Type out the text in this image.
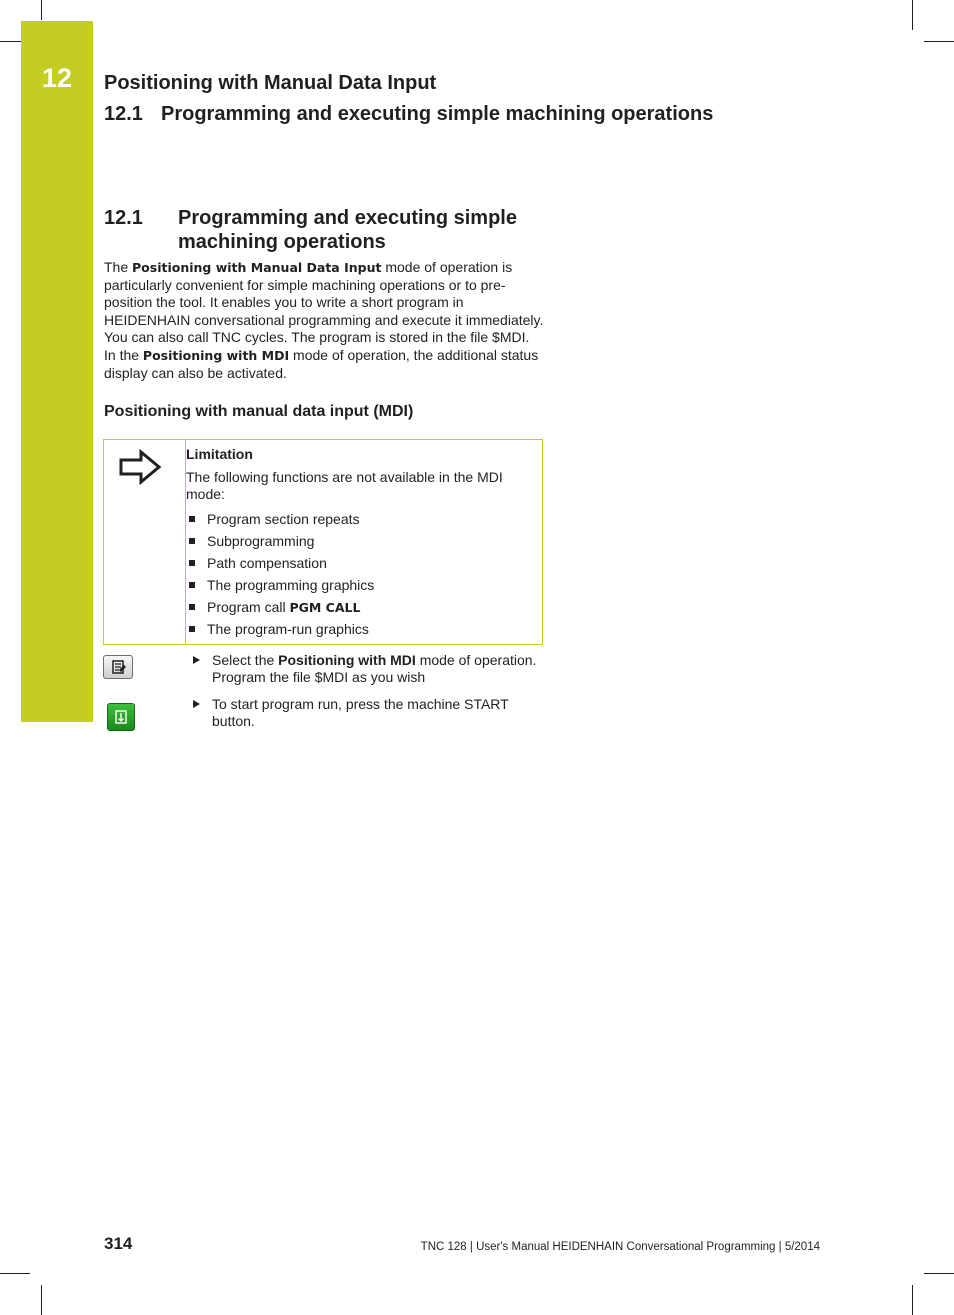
12	Positioning with Manual Data Input
12.1 Programming and executing simple machining operations
12.1 Programming and executing simple machining operations
The Positioning with Manual Data Input mode of operation is particularly convenient for simple machining operations or to pre-position the tool. It enables you to write a short program in HEIDENHAIN conversational programming and execute it immediately. You can also call TNC cycles. The program is stored in the file $MDI. In the Positioning with MDI mode of operation, the additional status display can also be activated.
Positioning with manual data input (MDI)
Limitation
The following functions are not available in the MDI mode:
Program section repeats
Subprogramming
Path compensation
The programming graphics
Program call PGM CALL
The program-run graphics
Select the Positioning with MDI mode of operation. Program the file $MDI as you wish
To start program run, press the machine START button.
314	TNC 128 | User's Manual HEIDENHAIN Conversational Programming | 5/2014
